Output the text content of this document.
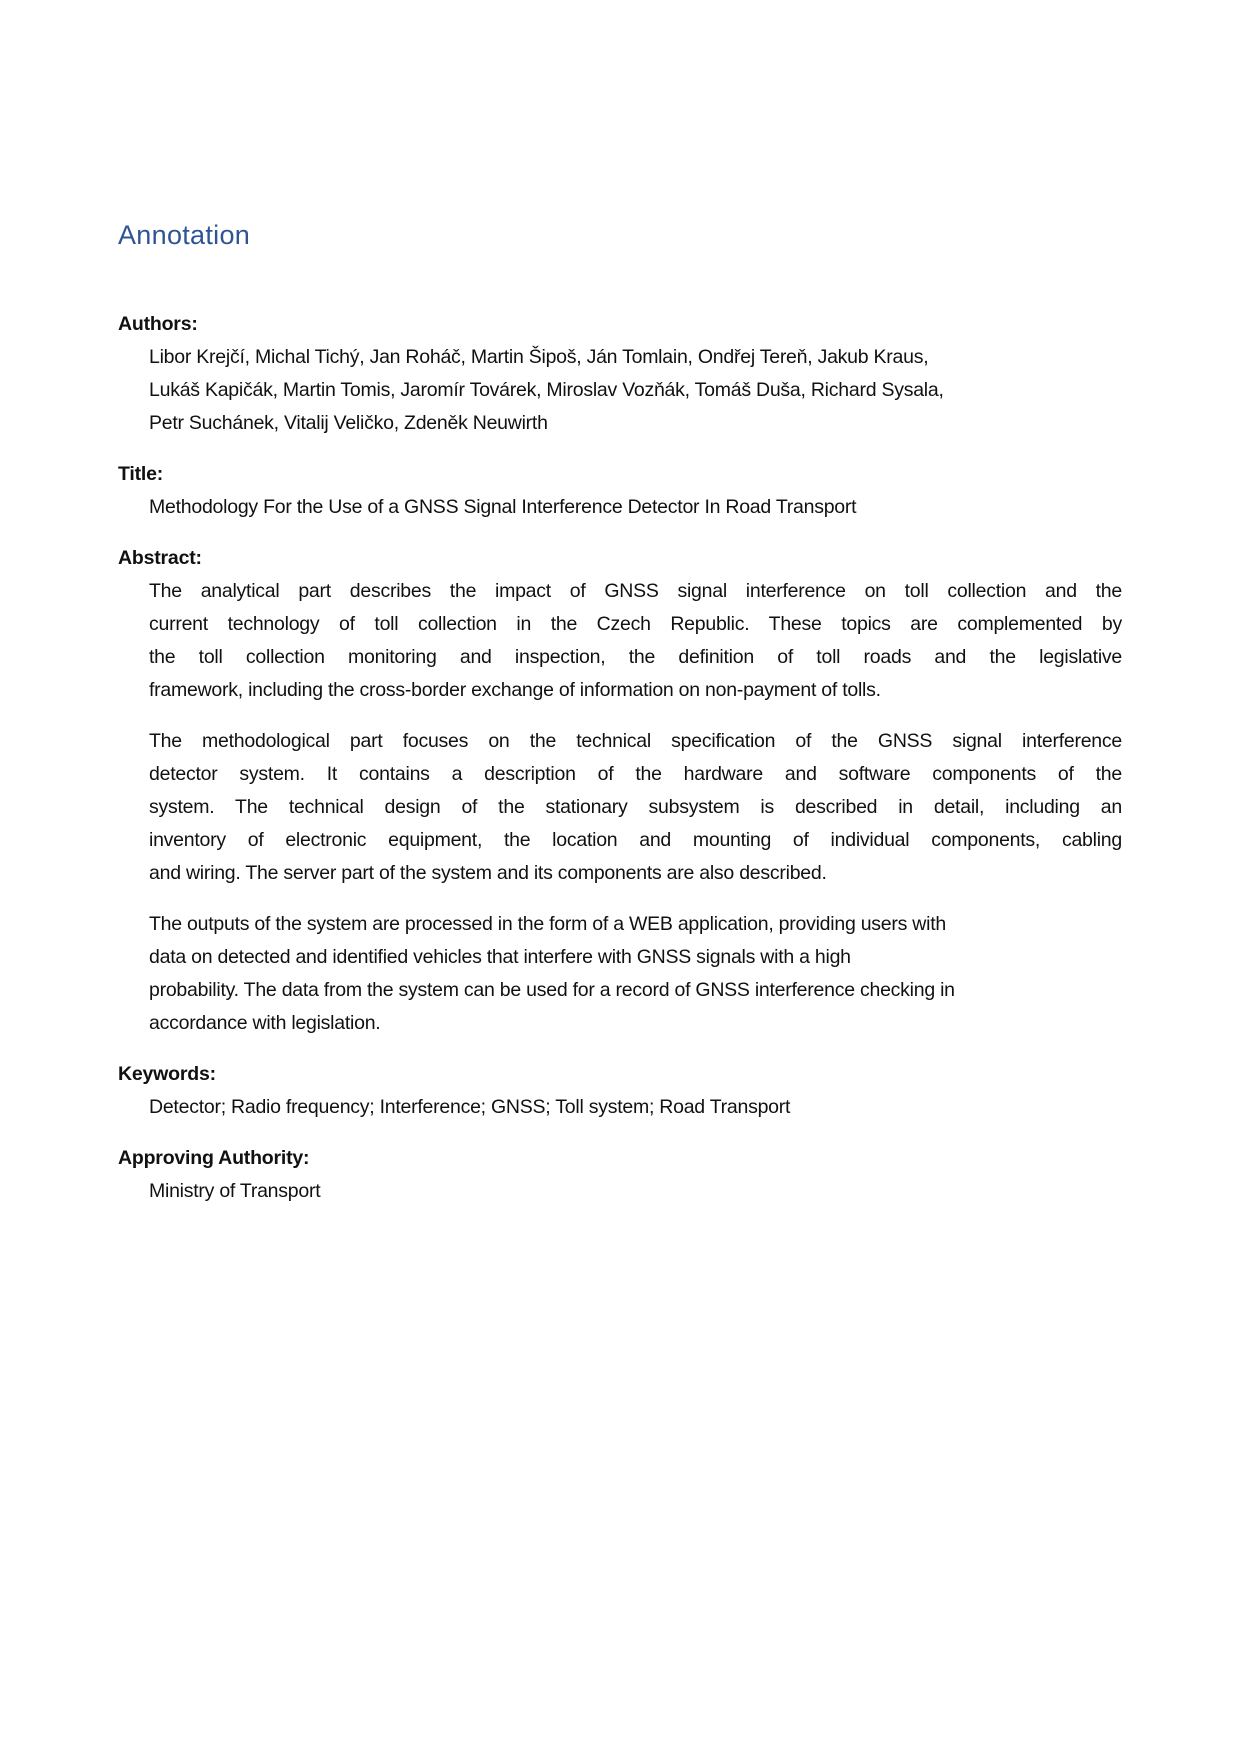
Annotation
Authors:
Libor Krejčí, Michal Tichý, Jan Roháč, Martin Šipoš, Ján Tomlain, Ondřej Tereň, Jakub Kraus,
Lukáš Kapičák, Martin Tomis, Jaromír Továrek, Miroslav Vozňák, Tomáš Duša, Richard Sysala,
Petr Suchánek, Vitalij Veličko, Zdeněk Neuwirth
Title:
Methodology For the Use of a GNSS Signal Interference Detector In Road Transport
Abstract:
The analytical part describes the impact of GNSS signal interference on toll collection and the
current technology of toll collection in the Czech Republic. These topics are complemented by
the toll collection monitoring and inspection, the definition of toll roads and the legislative
framework, including the cross-border exchange of information on non-payment of tolls.
The methodological part focuses on the technical specification of the GNSS signal interference
detector system. It contains a description of the hardware and software components of the
system. The technical design of the stationary subsystem is described in detail, including an
inventory of electronic equipment, the location and mounting of individual components, cabling
and wiring. The server part of the system and its components are also described.
The outputs of the system are processed in the form of a WEB application, providing users with
data on detected and identified vehicles that interfere with GNSS signals with a high
probability. The data from the system can be used for a record of GNSS interference checking in
accordance with legislation.
Keywords:
Detector; Radio frequency; Interference; GNSS; Toll system; Road Transport
Approving Authority:
Ministry of Transport
